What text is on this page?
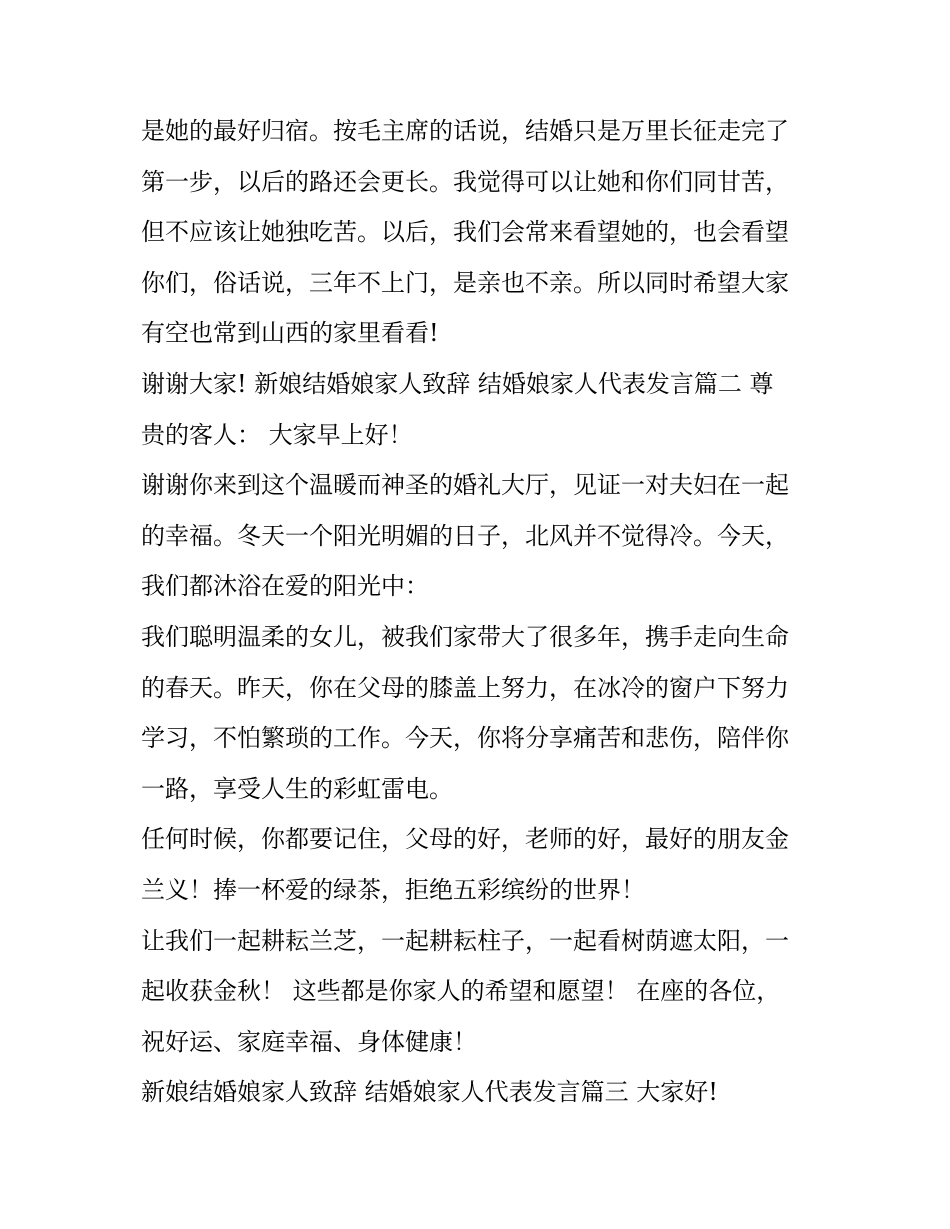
是她的最好归宿。按毛主席的话说，结婚只是万里长征走完了
第一步，以后的路还会更长。我觉得可以让她和你们同甘苦，
但不应该让她独吃苦。以后，我们会常来看望她的，也会看望
你们，俗话说，三年不上门，是亲也不亲。所以同时希望大家
有空也常到山西的家里看看!
谢谢大家! 新娘结婚娘家人致辞 结婚娘家人代表发言篇二 尊
贵的客人： 大家早上好！
谢谢你来到这个温暖而神圣的婚礼大厅，见证一对夫妇在一起
的幸福。冬天一个阳光明媚的日子，北风并不觉得冷。今天，
我们都沐浴在爱的阳光中：
我们聪明温柔的女儿，被我们家带大了很多年，携手走向生命
的春天。昨天，你在父母的膝盖上努力，在冰冷的窗户下努力
学习，不怕繁琐的工作。今天，你将分享痛苦和悲伤，陪伴你
一路，享受人生的彩虹雷电。
任何时候，你都要记住，父母的好，老师的好，最好的朋友金
兰义！捧一杯爱的绿茶，拒绝五彩缤纷的世界！
让我们一起耕耘兰芝，一起耕耘柱子，一起看树荫遮太阳，一
起收获金秋！ 这些都是你家人的希望和愿望！ 在座的各位，
祝好运、家庭幸福、身体健康！
新娘结婚娘家人致辞 结婚娘家人代表发言篇三 大家好!
